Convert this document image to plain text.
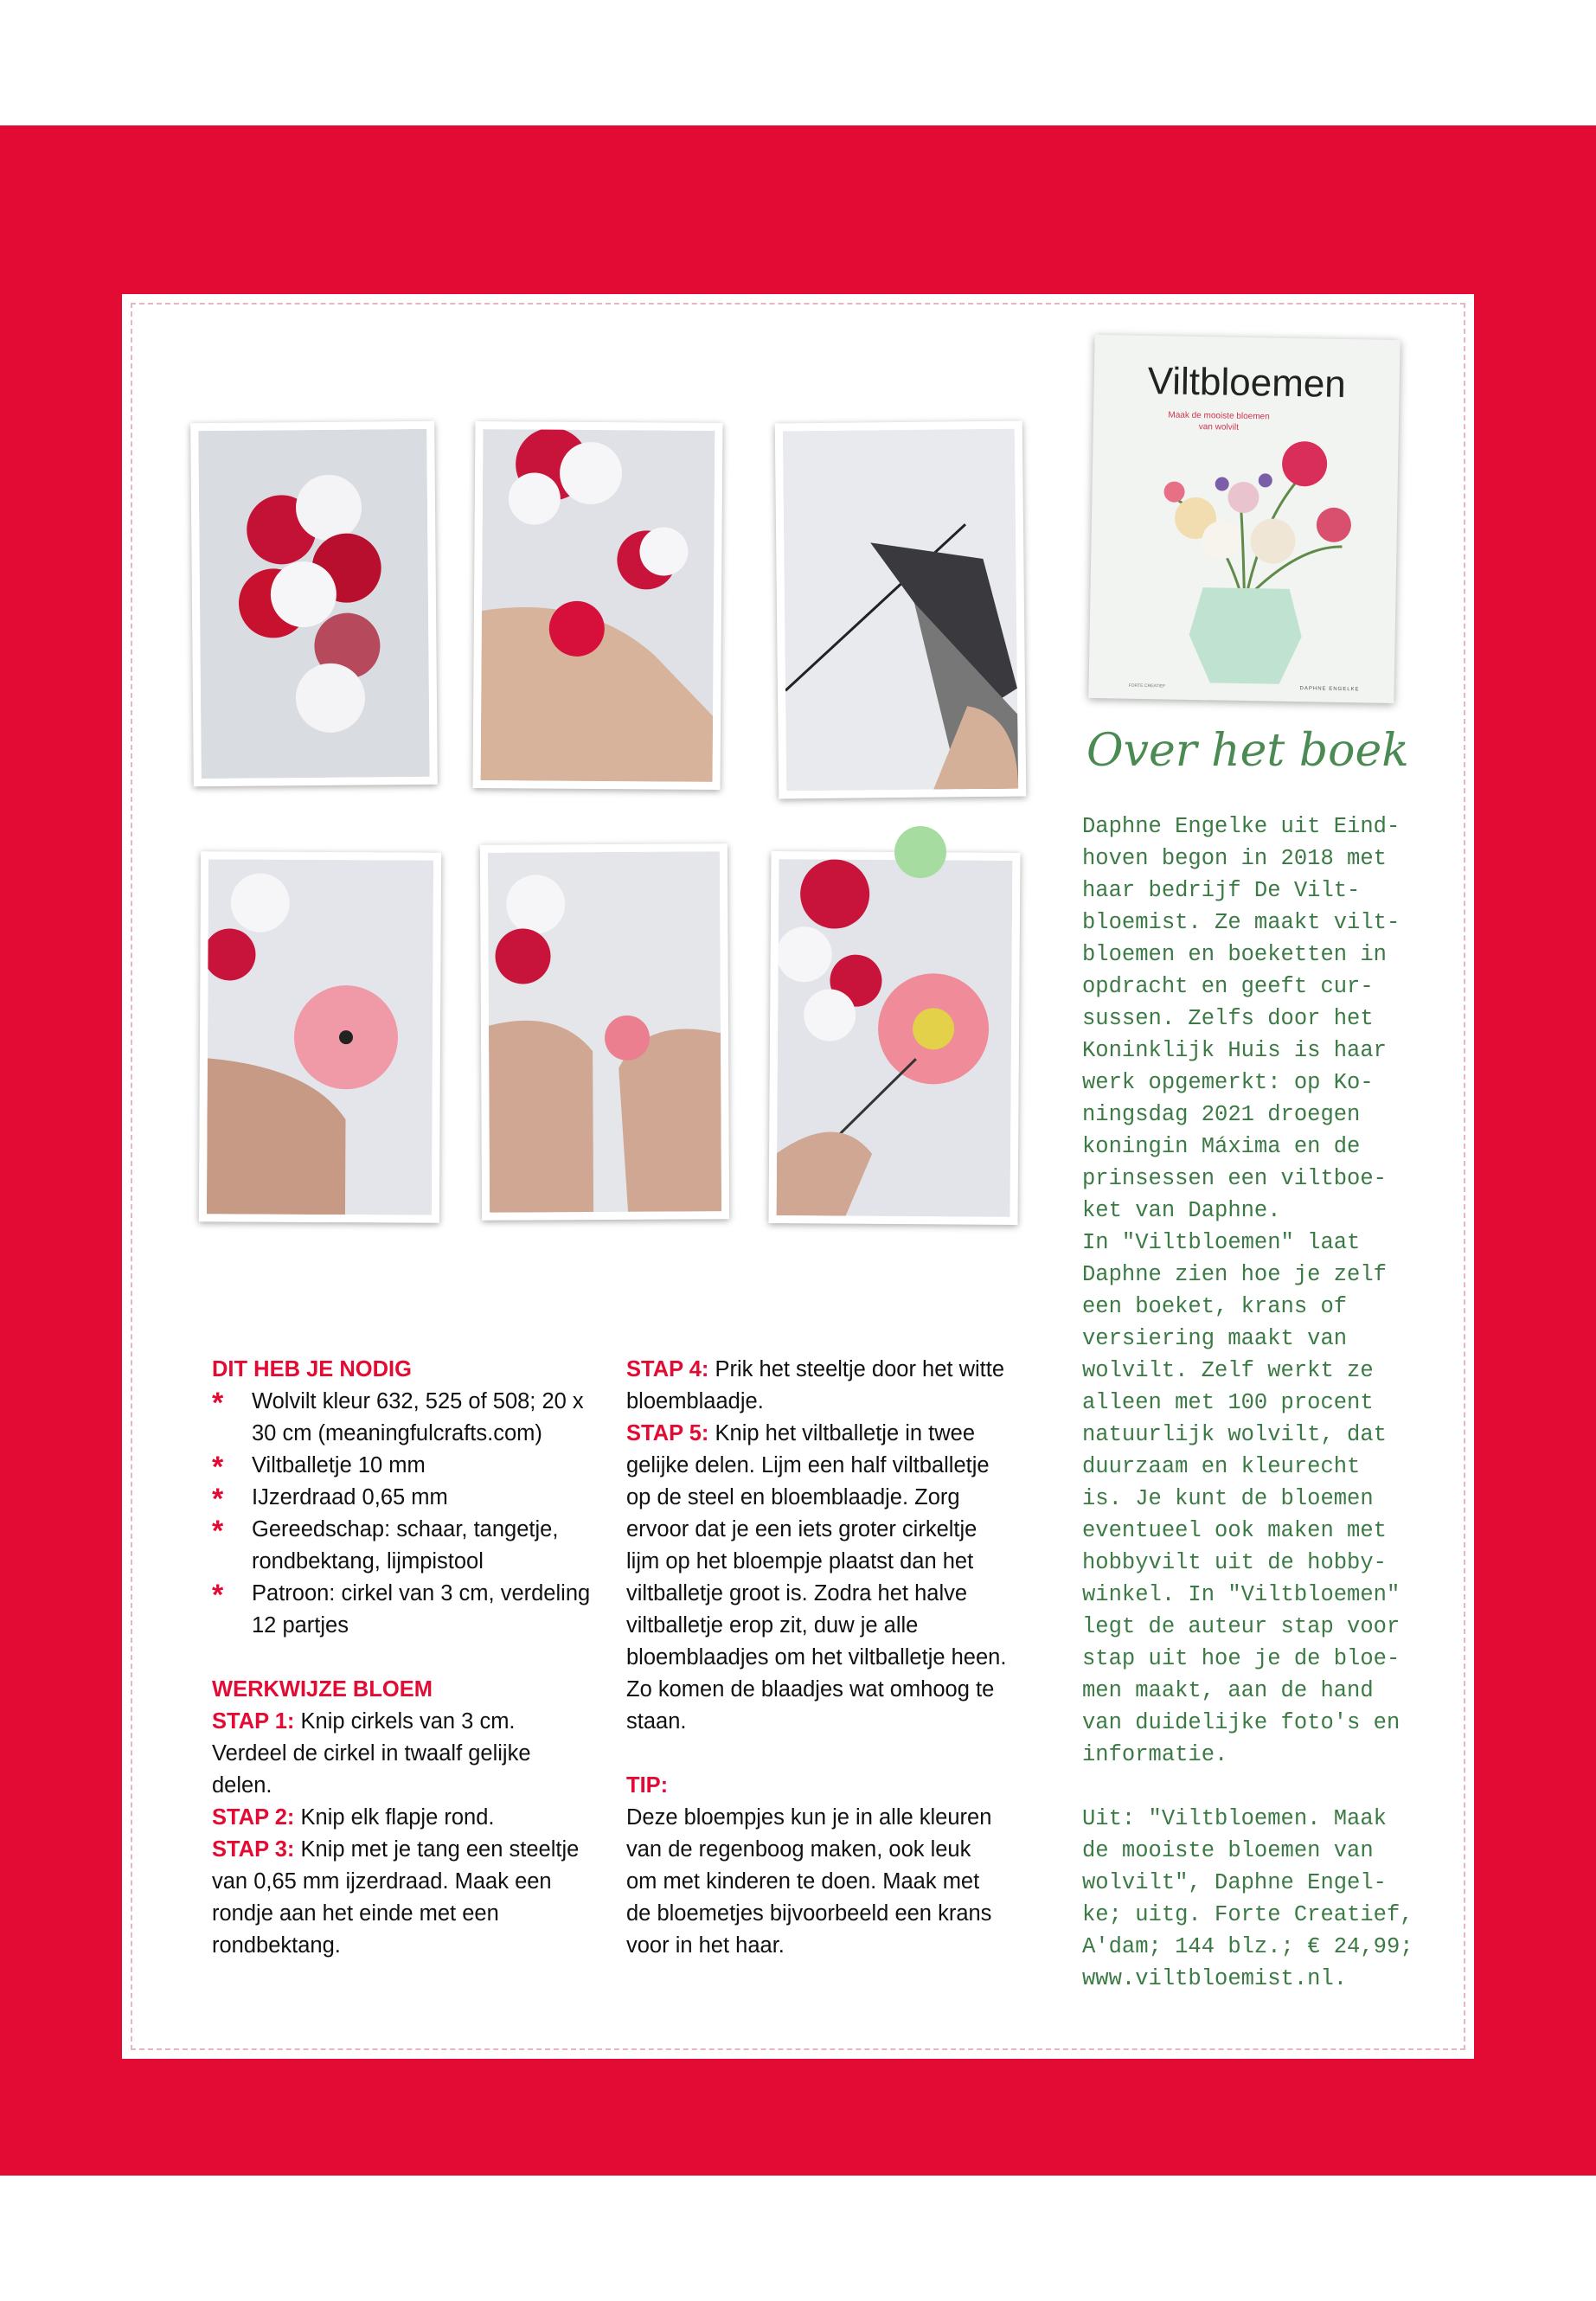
Viltbloemen
Maak de mooiste bloemen van wolvilt
FORTE CREATIEF
DAPHNE ENGELKE
Over het boek
Daphne Engelke uit Eind-
hoven begon in 2018 met
haar bedrijf De Vilt-
bloemist. Ze maakt vilt-
bloemen en boeketten in
opdracht en geeft cur-
sussen. Zelfs door het
Koninklijk Huis is haar
werk opgemerkt: op Ko-
ningsdag 2021 droegen
koningin Máxima en de
prinsessen een viltboe-
ket van Daphne.
In "Viltbloemen" laat
Daphne zien hoe je zelf
een boeket, krans of
versiering maakt van
wolvilt. Zelf werkt ze
alleen met 100 procent
natuurlijk wolvilt, dat
duurzaam en kleurecht
is. Je kunt de bloemen
eventueel ook maken met
hobbyvilt uit de hobby-
winkel. In "Viltbloemen"
legt de auteur stap voor
stap uit hoe je de bloe-
men maakt, aan de hand
van duidelijke foto's en
informatie.

Uit: "Viltbloemen. Maak
de mooiste bloemen van
wolvilt", Daphne Engel-
ke; uitg. Forte Creatief,
A'dam; 144 blz.; € 24,99;
www.viltbloemist.nl.
DIT HEB JE NODIG
* Wolvilt kleur 632, 525 of 508; 20 x 30 cm (meaningfulcrafts.com)
* Viltballetje 10 mm
* IJzerdraad 0,65 mm
* Gereedschap: schaar, tangetje, rondbektang, lijmpistool
* Patroon: cirkel van 3 cm, verdeling 12 partjes
WERKWIJZE BLOEM
STAP 1: Knip cirkels van 3 cm. Verdeel de cirkel in twaalf gelijke delen.
STAP 2: Knip elk flapje rond.
STAP 3: Knip met je tang een steeltje van 0,65 mm ijzerdraad. Maak een rondje aan het einde met een rondbektang.
STAP 4: Prik het steeltje door het witte bloemblaadje.
STAP 5: Knip het viltballetje in twee gelijke delen. Lijm een half viltballetje op de steel en bloemblaadje. Zorg ervoor dat je een iets groter cirkeltje lijm op het bloempje plaatst dan het viltballetje groot is. Zodra het halve viltballetje erop zit, duw je alle bloemblaadjes om het viltballetje heen. Zo komen de blaadjes wat omhoog te staan.
TIP:
Deze bloempjes kun je in alle kleuren van de regenboog maken, ook leuk om met kinderen te doen. Maak met de bloemetjes bijvoorbeeld een krans voor in het haar.
